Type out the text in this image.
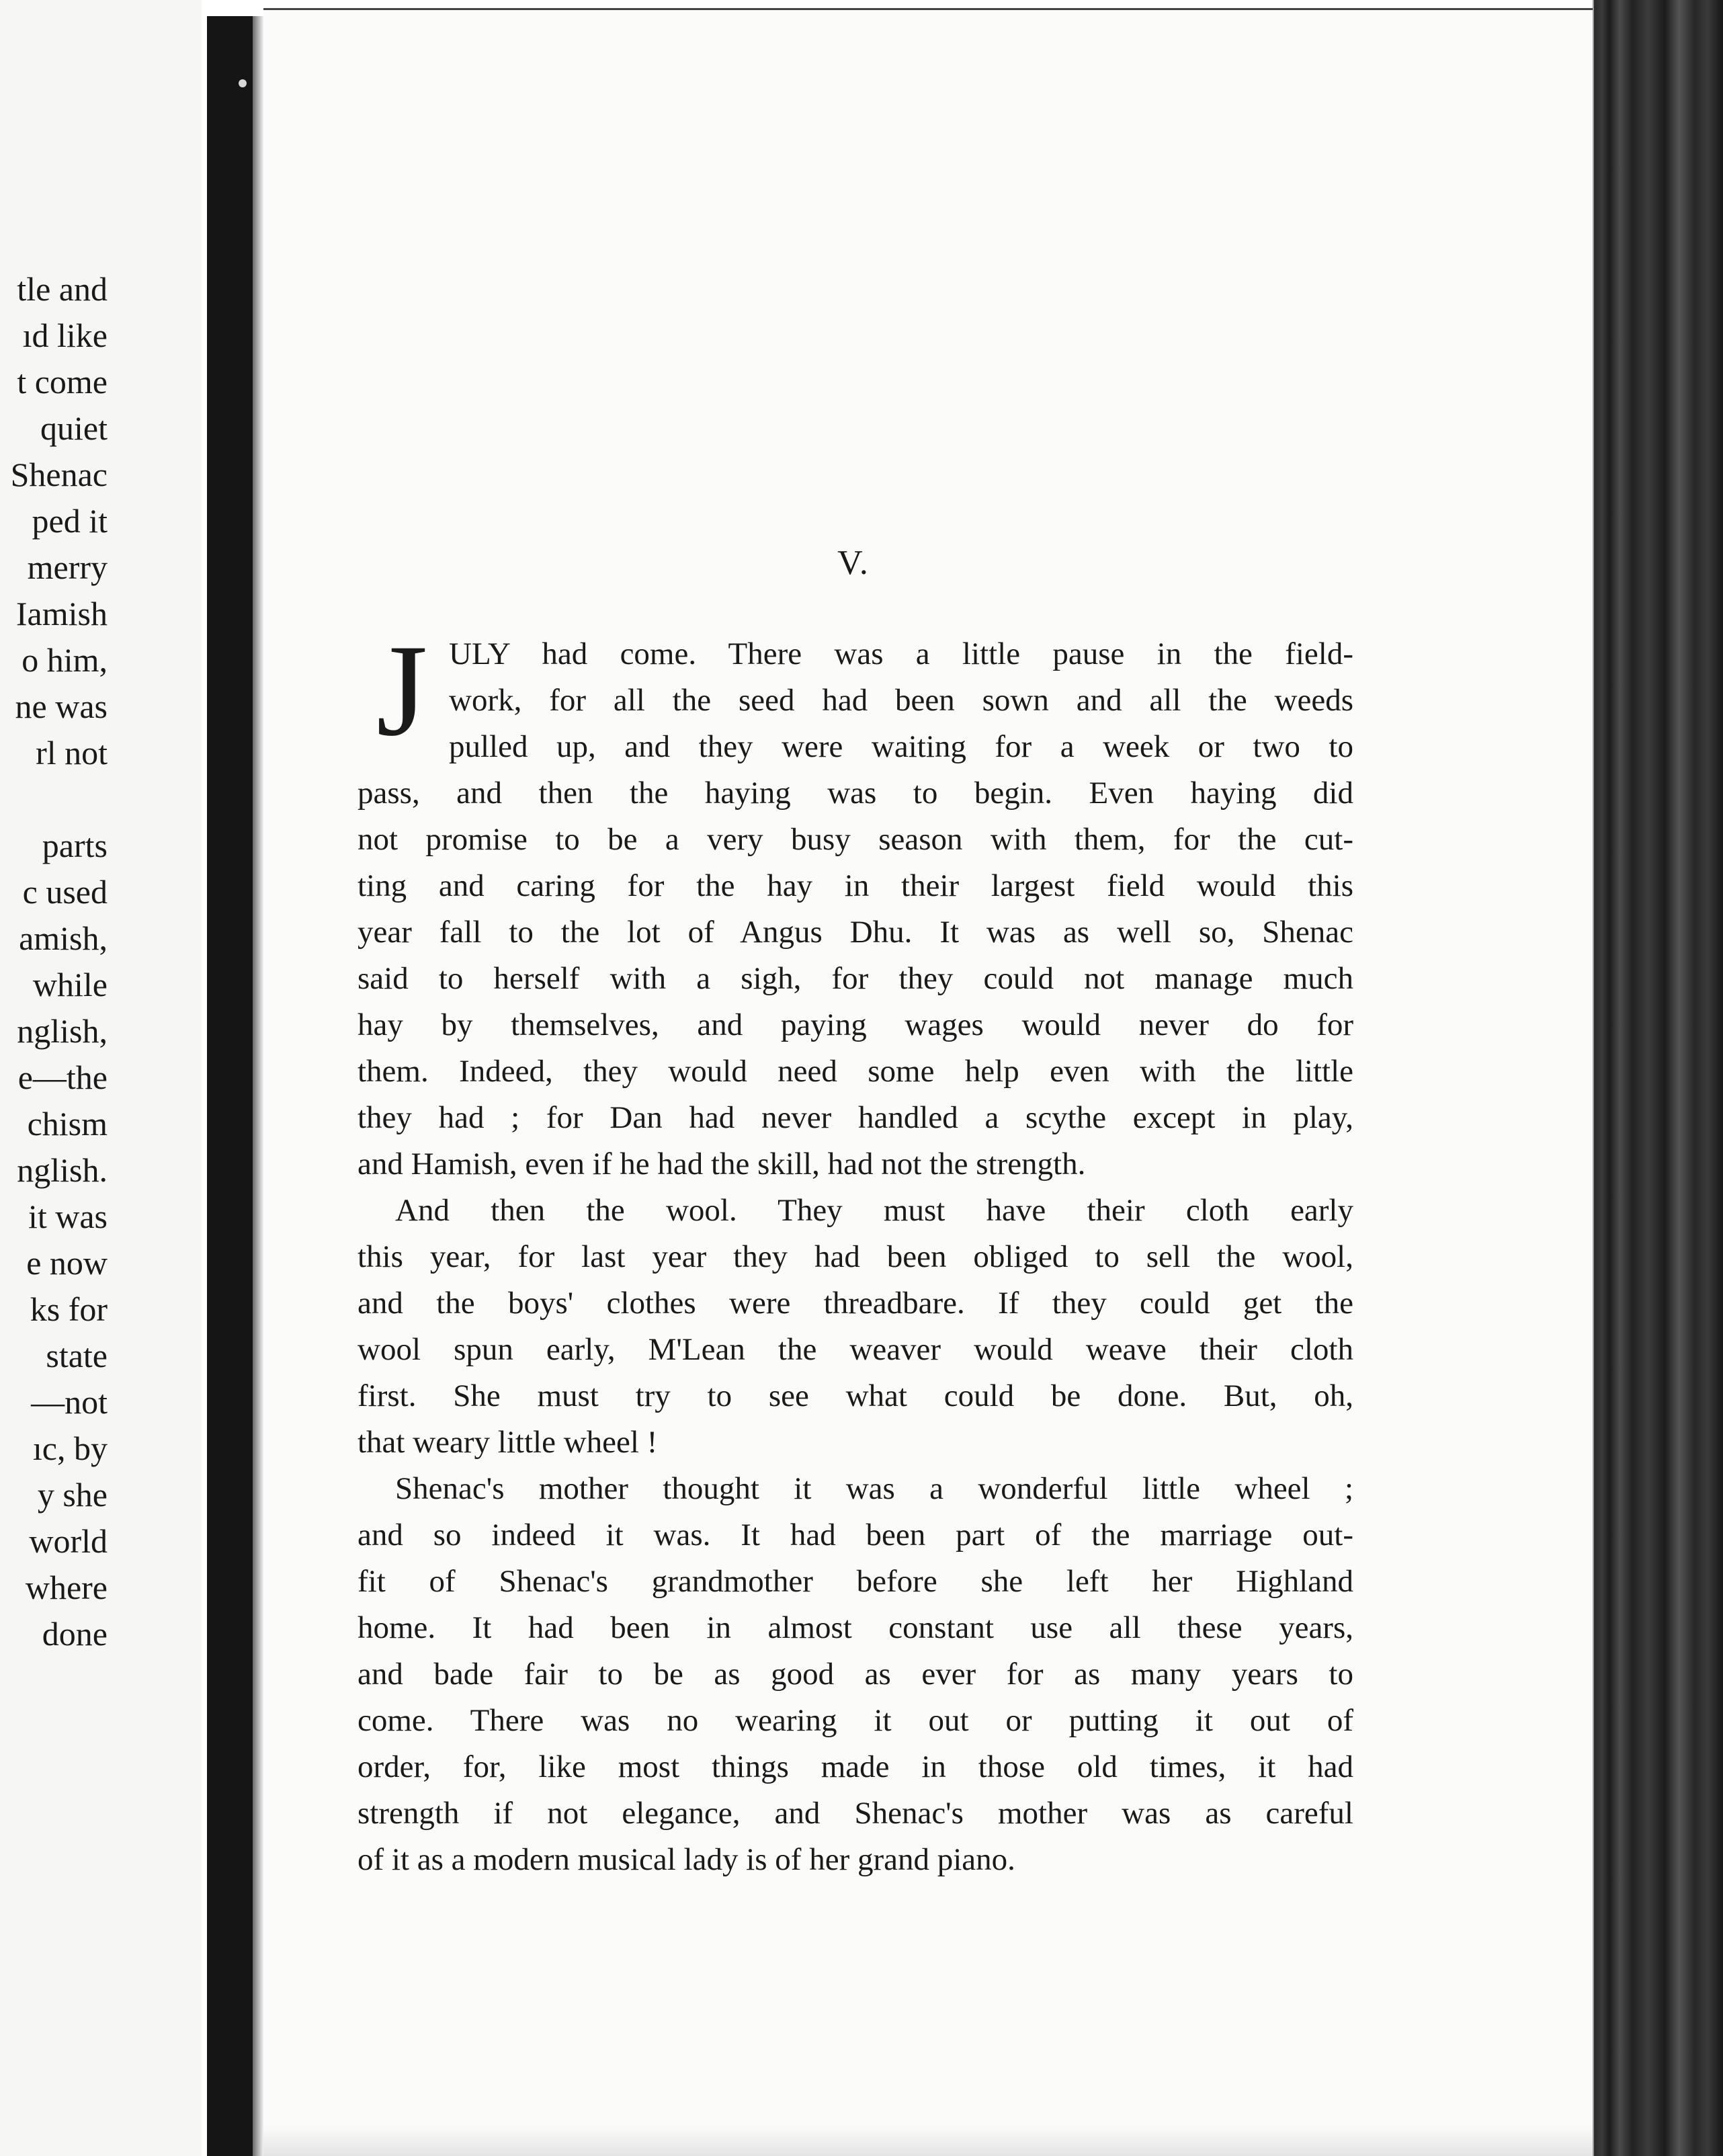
tle and
ıd like
t come
quiet
Shenac
ped it
merry
Iamish
o him,
ne was
rl not
parts
c used
amish,
while
nglish,
e—the
chism
nglish.
it was
e now
ks for
state
—not
ıc, by
y she
world
where
done
V.
J ULY had come. There was a little pause in the field-
work, for all the seed had been sown and all the weeds
pulled up, and they were waiting for a week or two to
pass, and then the haying was to begin. Even haying did
not promise to be a very busy season with them, for the cut-
ting and caring for the hay in their largest field would this
year fall to the lot of Angus Dhu. It was as well so, Shenac
said to herself with a sigh, for they could not manage much
hay by themselves, and paying wages would never do for
them. Indeed, they would need some help even with the little
they had ; for Dan had never handled a scythe except in play,
and Hamish, even if he had the skill, had not the strength.
And then the wool. They must have their cloth early
this year, for last year they had been obliged to sell the wool,
and the boys' clothes were threadbare. If they could get the
wool spun early, M'Lean the weaver would weave their cloth
first. She must try to see what could be done. But, oh,
that weary little wheel !
Shenac's mother thought it was a wonderful little wheel ;
and so indeed it was. It had been part of the marriage out-
fit of Shenac's grandmother before she left her Highland
home. It had been in almost constant use all these years,
and bade fair to be as good as ever for as many years to
come. There was no wearing it out or putting it out of
order, for, like most things made in those old times, it had
strength if not elegance, and Shenac's mother was as careful
of it as a modern musical lady is of her grand piano.
